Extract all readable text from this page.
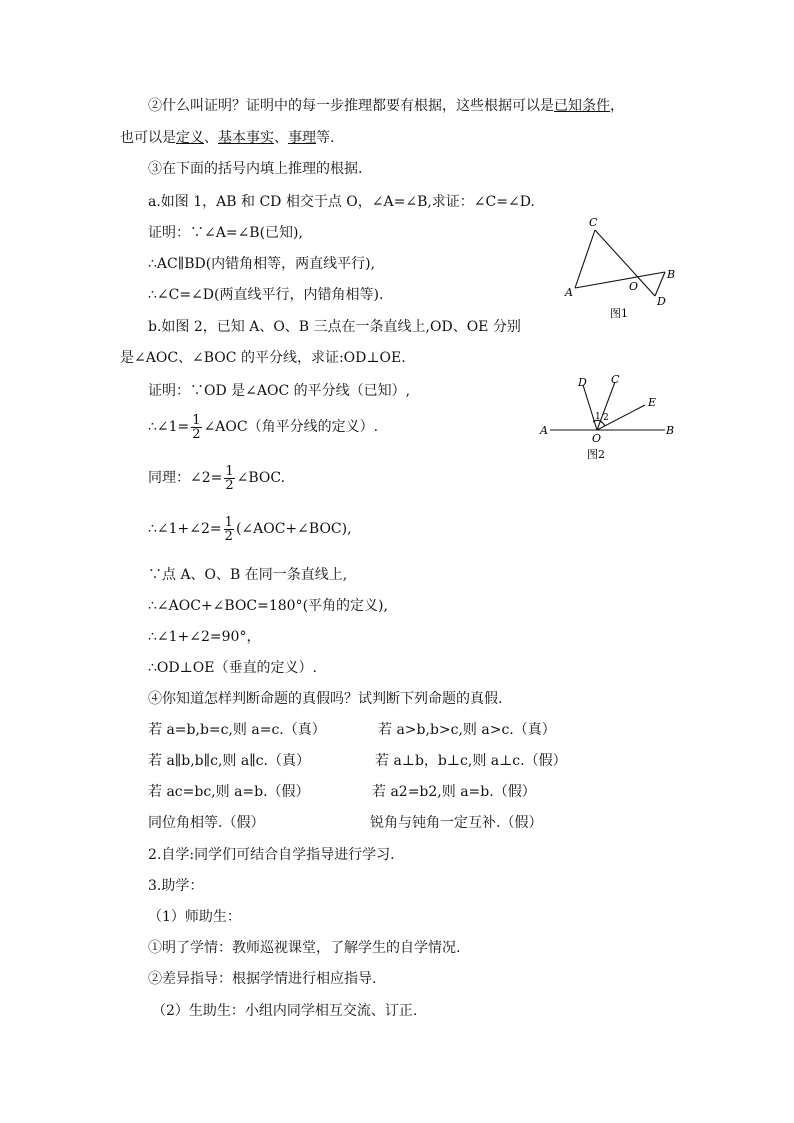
②什么叫证明？证明中的每一步推理都要有根据，这些根据可以是已知条件，
也可以是定义、基本事实、事理等.
③在下面的括号内填上推理的根据.
a.如图 1，AB 和 CD 相交于点 O，∠A=∠B,求证：∠C=∠D.
证明：∵∠A=∠B(已知),
∴AC∥BD(内错角相等，两直线平行),
∴∠C=∠D(两直线平行，内错角相等).
C
A	O
B
D
图1
b.如图 2，已知 A、O、B 三点在一条直线上,OD、OE 分别
是∠AOC、∠BOC 的平分线，求证:OD⊥OE.
证明：∵OD 是∠AOC 的平分线（已知）,
∴∠1= $\frac{1}{2}$ ∠AOC（角平分线的定义）.
同理：∠2= $\frac{1}{2}$ ∠BOC.
∴∠1+∠2= $\frac{1}{2}$ (∠AOC+∠BOC),
∵点 A、O、B 在同一条直线上,
∴∠AOC+∠BOC=180°(平角的定义),
∴∠1+∠2=90°，
∴OD⊥OE（垂直的定义）.
D C
E
A
O
B
1 2
图2
④你知道怎样判断命题的真假吗？试判断下列命题的真假.
若 a=b,b=c,则 a=c.（真）	若 a>b,b>c,则 a>c.（真）
若 a∥b,b∥c,则 a∥c.（真）	若 a⊥b，b⊥c,则 a⊥c.（假）
若 ac=bc,则 a=b.（假）	若 a2=b2,则 a=b.（假）
同位角相等.（假）	锐角与钝角一定互补.（假）
2.自学:同学们可结合自学指导进行学习.
3.助学：
（1）师助生：
①明了学情：教师巡视课堂，了解学生的自学情况.
②差异指导：根据学情进行相应指导.
（2）生助生：小组内同学相互交流、订正.
